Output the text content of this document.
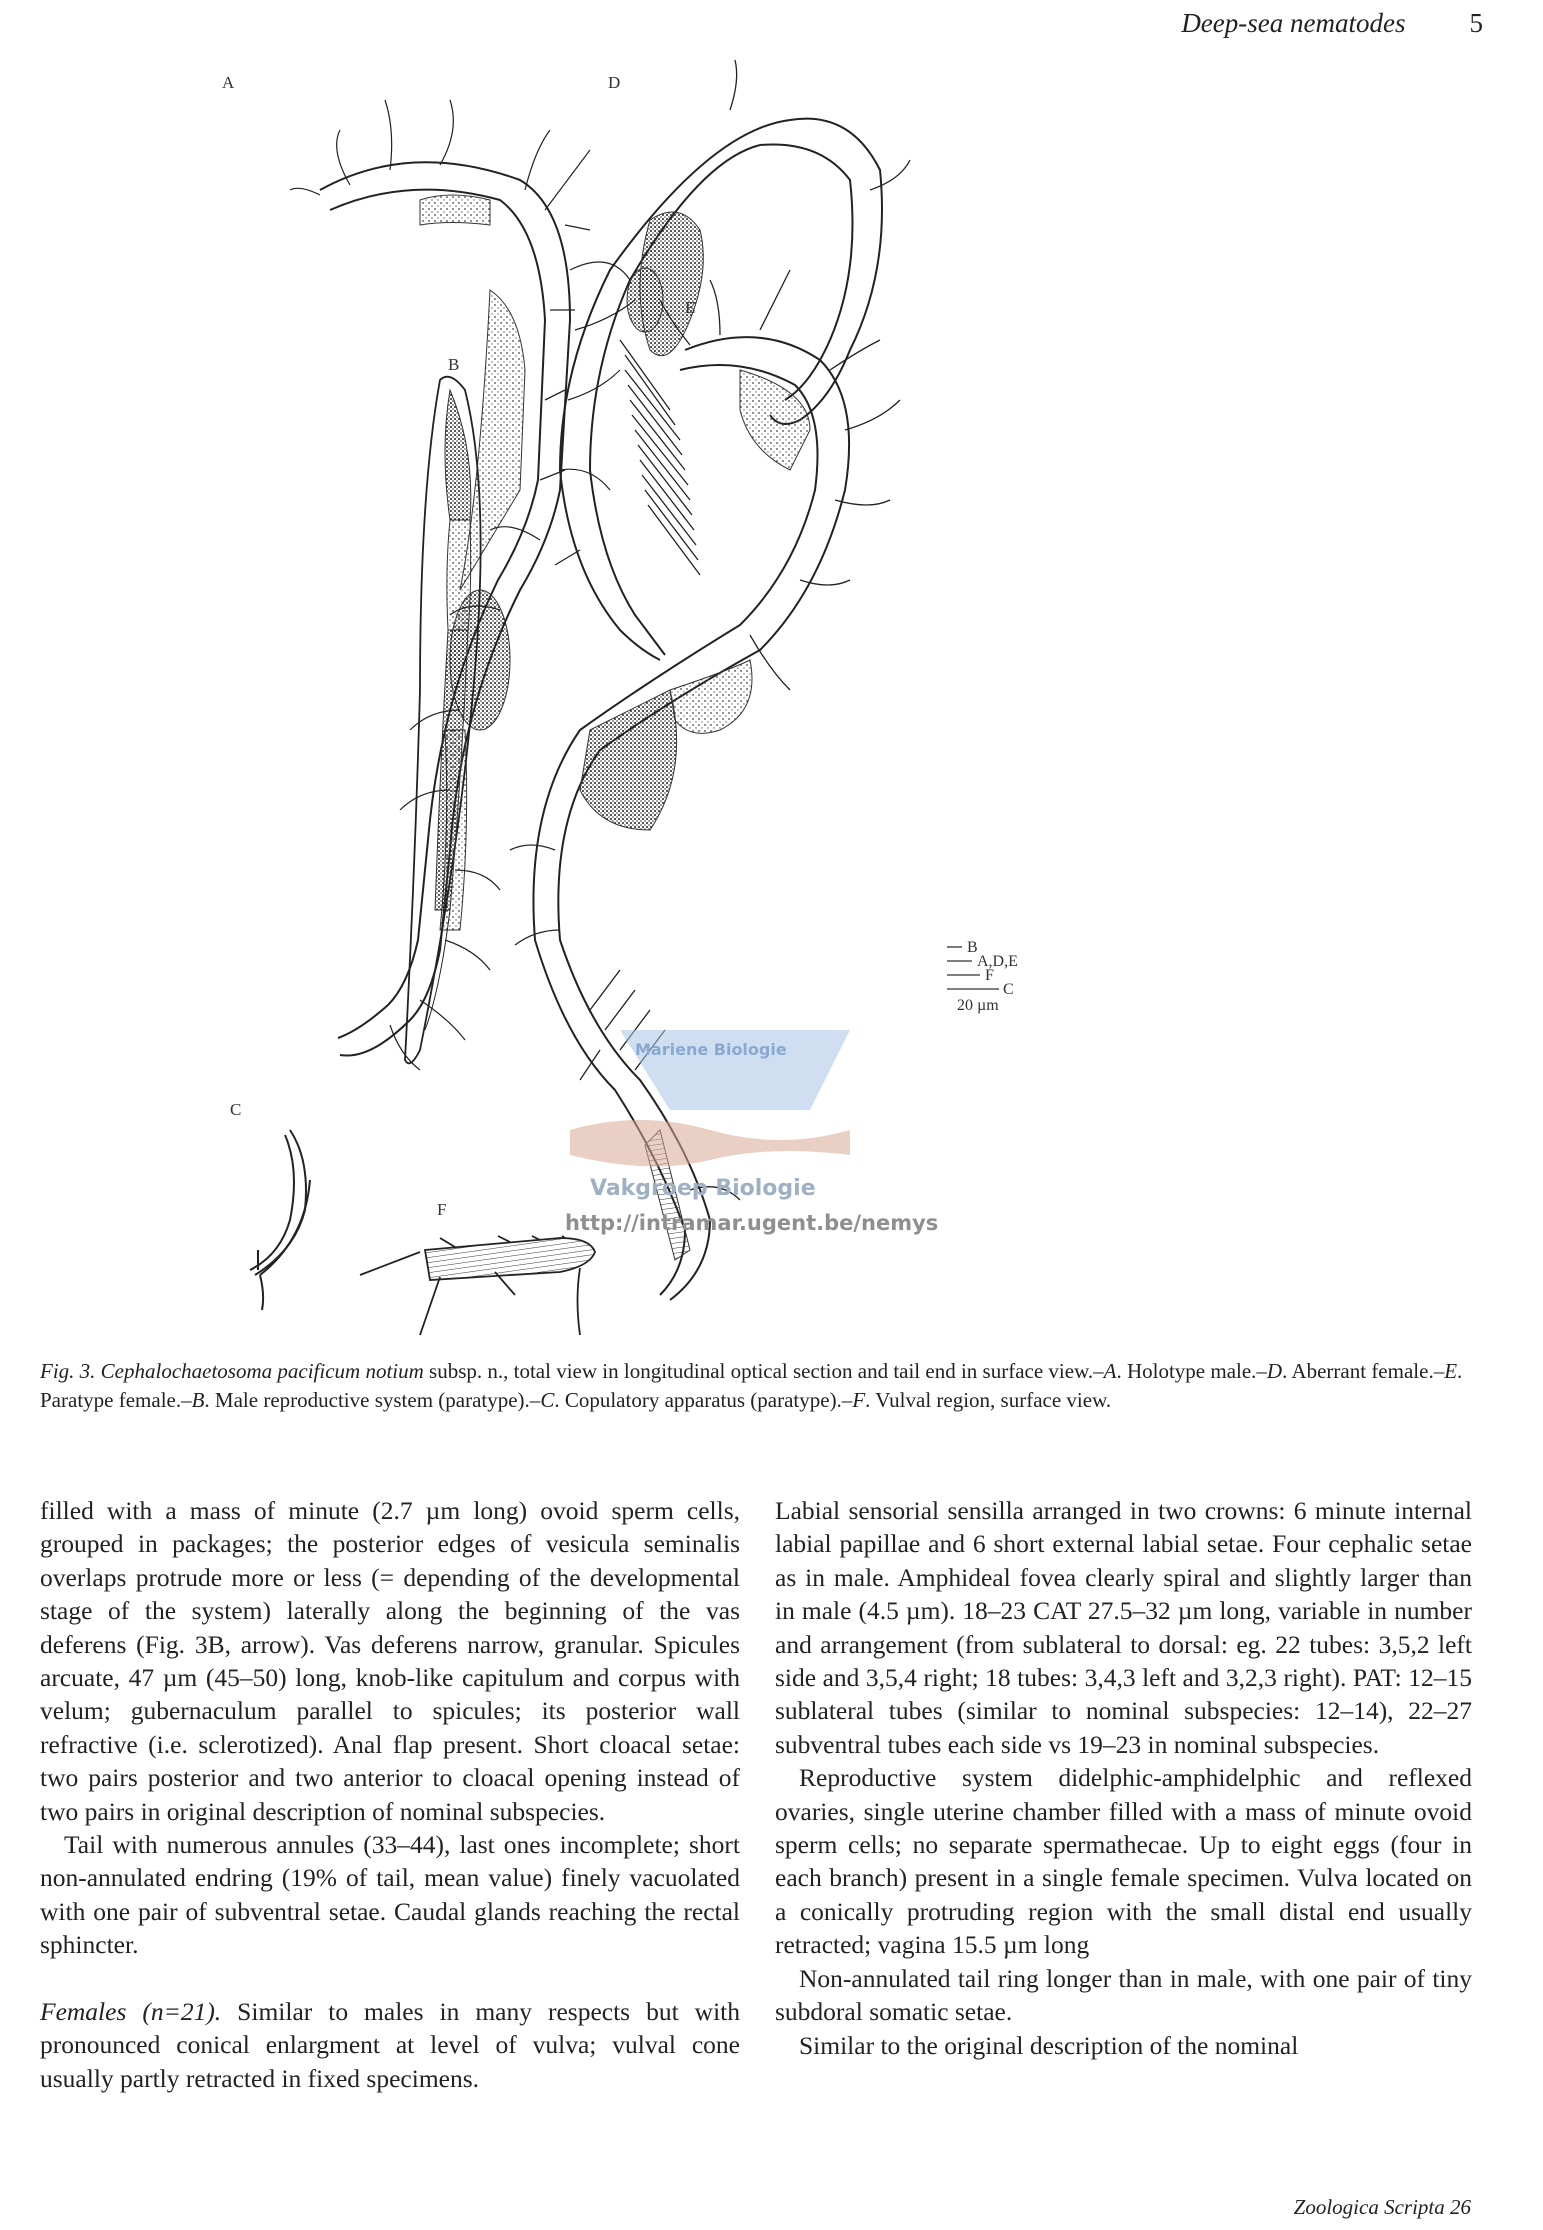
Deep-sea nematodes 5
A
B
C
D
E
F
B
A,D,E
F
C
20 µm
Mariene Biologie
Vakgroep Biologie
http://intramar.ugent.be/nemys
Fig. 3. Cephalochaetosoma pacificum notium subsp. n., total view in longitudinal optical section and tail end in surface view.–A. Holotype male.–D. Aberrant female.–E. Paratype female.–B. Male reproductive system (paratype).–C. Copulatory apparatus (paratype).–F. Vulval region, surface view.

filled with a mass of minute (2.7 µm long) ovoid sperm cells, grouped in packages; the posterior edges of vesicula seminalis overlaps protrude more or less (= depending of the developmental stage of the system) laterally along the beginning of the vas deferens (Fig. 3B, arrow). Vas deferens narrow, granular. Spicules arcuate, 47 µm (45–50) long, knob-like capitulum and corpus with velum; gubernaculum parallel to spicules; its posterior wall refractive (i.e. sclerotized). Anal flap present. Short cloacal setae: two pairs posterior and two anterior to cloacal opening instead of two pairs in original description of nominal subspecies.

Tail with numerous annules (33–44), last ones incomplete; short non-annulated endring (19% of tail, mean value) finely vacuolated with one pair of subventral setae. Caudal glands reaching the rectal sphincter.

Females (n=21). Similar to males in many respects but with pronounced conical enlargment at level of vulva; vulval cone usually partly retracted in fixed specimens.

Labial sensorial sensilla arranged in two crowns: 6 minute internal labial papillae and 6 short external labial setae. Four cephalic setae as in male. Amphideal fovea clearly spiral and slightly larger than in male (4.5 µm). 18–23 CAT 27.5–32 µm long, variable in number and arrangement (from sublateral to dorsal: eg. 22 tubes: 3,5,2 left side and 3,5,4 right; 18 tubes: 3,4,3 left and 3,2,3 right). PAT: 12–15 sublateral tubes (similar to nominal subspecies: 12–14), 22–27 subventral tubes each side vs 19–23 in nominal subspecies.

Reproductive system didelphic-amphidelphic and reflexed ovaries, single uterine chamber filled with a mass of minute ovoid sperm cells; no separate spermathecae. Up to eight eggs (four in each branch) present in a single female specimen. Vulva located on a conically protruding region with the small distal end usually retracted; vagina 15.5 µm long

Non-annulated tail ring longer than in male, with one pair of tiny subdoral somatic setae.

Similar to the original description of the nominal

Zoologica Scripta 26
